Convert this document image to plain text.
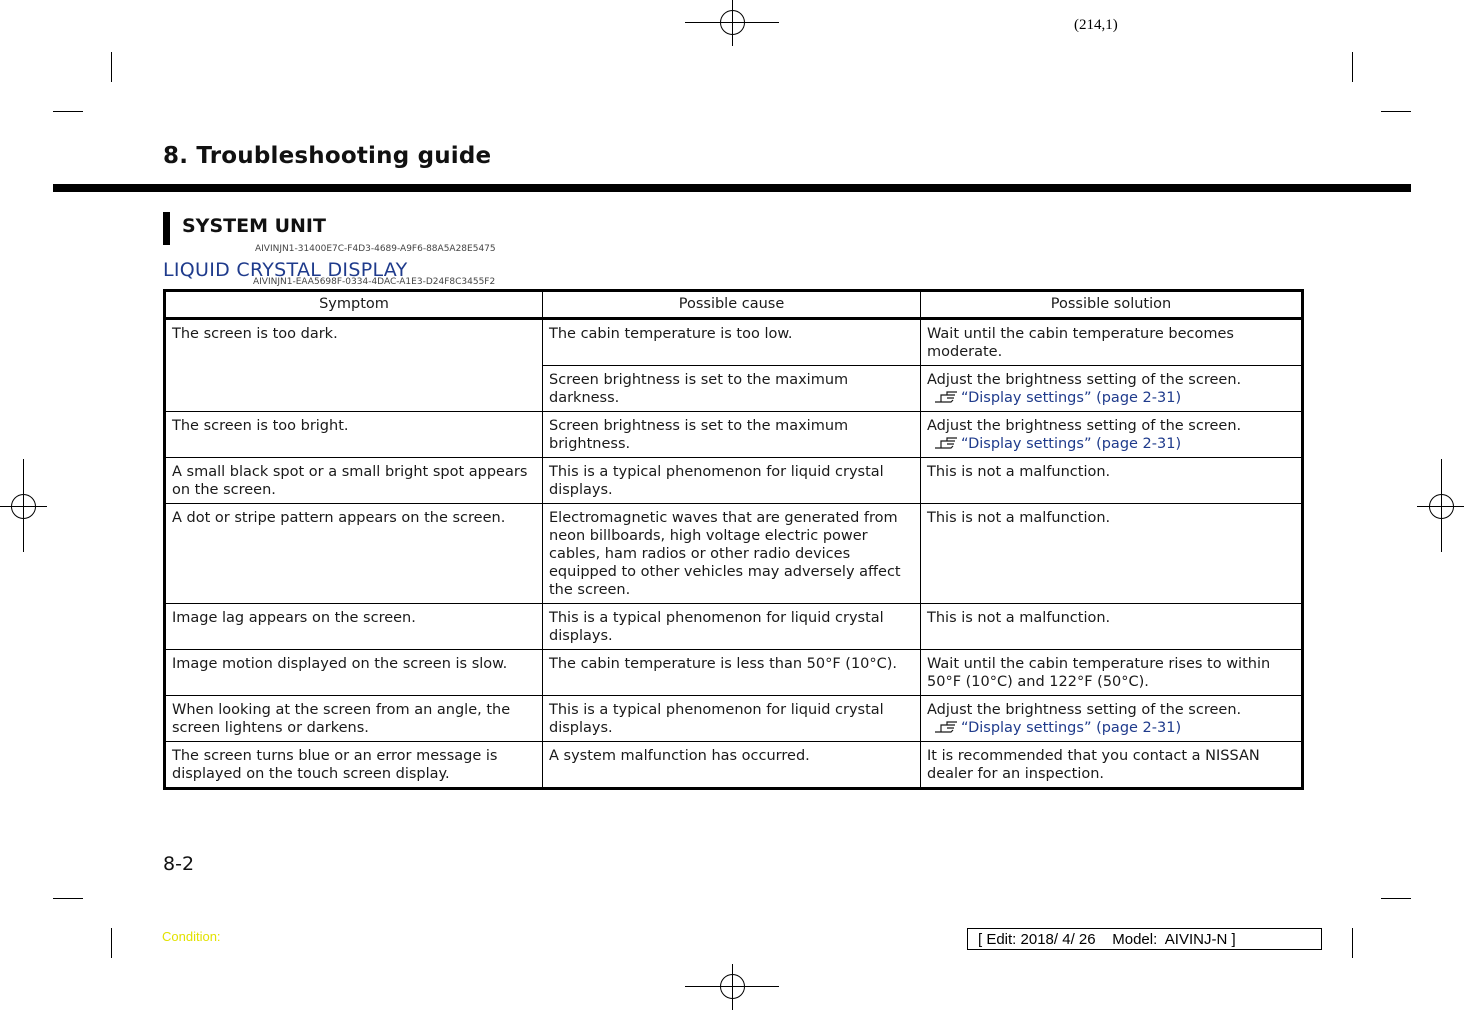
(214,1)
8. Troubleshooting guide
SYSTEM UNIT
AIVINJN1-31400E7C-F4D3-4689-A9F6-88A5A28E5475
LIQUID CRYSTAL DISPLAY
AIVINJN1-EAA5698F-0334-4DAC-A1E3-D24F8C3455F2
Symptom	Possible cause	Possible solution
The screen is too dark.	The cabin temperature is too low.	Wait until the cabin temperature becomes moderate.
	Screen brightness is set to the maximum darkness.	Adjust the brightness setting of the screen.
“Display settings” (page 2-31)

The screen is too bright.	Screen brightness is set to the maximum brightness.	Adjust the brightness setting of the screen.
“Display settings” (page 2-31)

A small black spot or a small bright spot appears on the screen.	This is a typical phenomenon for liquid crystal displays.	This is not a malfunction.
A dot or stripe pattern appears on the screen.	Electromagnetic waves that are generated from neon billboards, high voltage electric power cables, ham radios or other radio devices equipped to other vehicles may adversely affect the screen.	This is not a malfunction.
Image lag appears on the screen.	This is a typical phenomenon for liquid crystal displays.	This is not a malfunction.
Image motion displayed on the screen is slow.	The cabin temperature is less than 50°F (10°C).	Wait until the cabin temperature rises to within 50°F (10°C) and 122°F (50°C).
When looking at the screen from an angle, the screen lightens or darkens.	This is a typical phenomenon for liquid crystal displays.	Adjust the brightness setting of the screen.
“Display settings” (page 2-31)

The screen turns blue or an error message is displayed on the touch screen display.	A system malfunction has occurred.	It is recommended that you contact a NISSAN dealer for an inspection.
8-2
Condition:	[ Edit: 2018/ 4/ 26    Model:  AIVINJ-N ]
